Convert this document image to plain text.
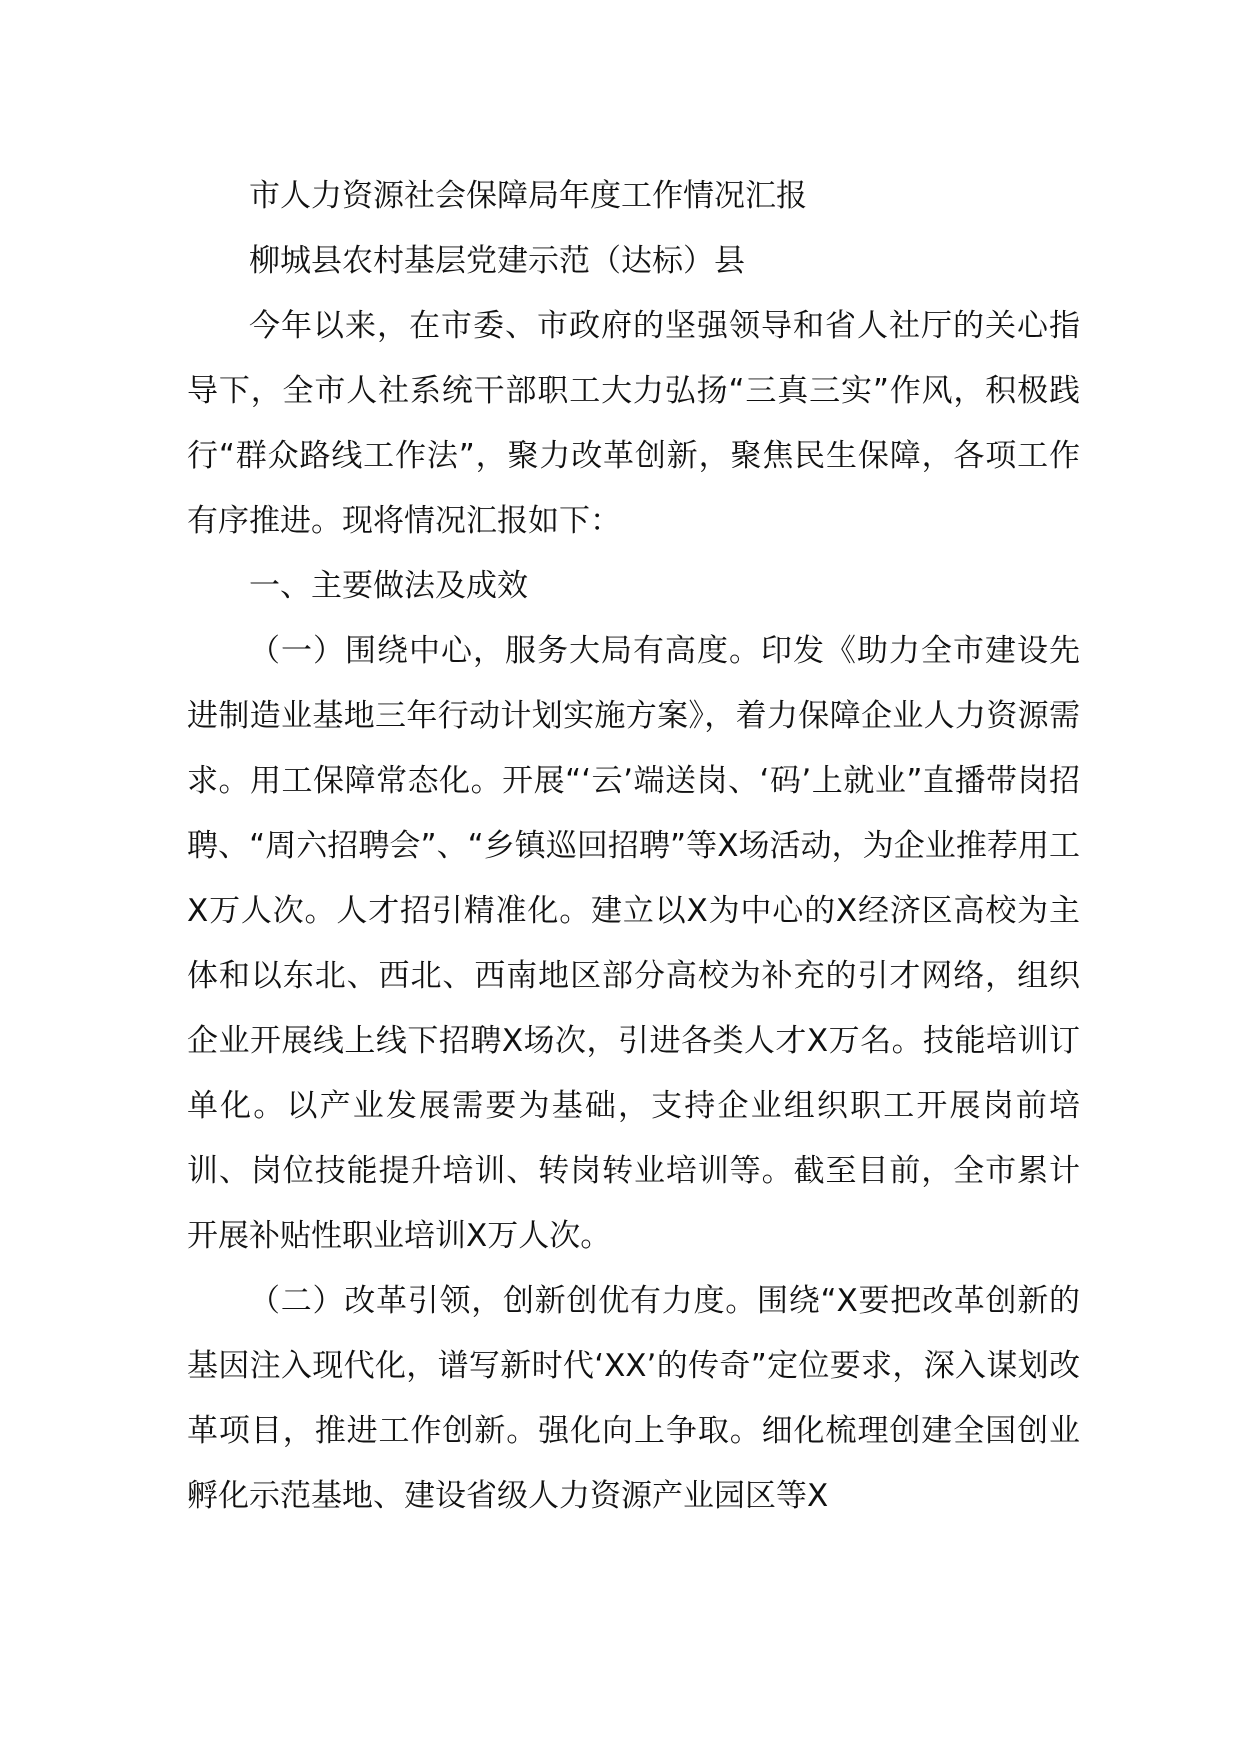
市人力资源社会保障局年度工作情况汇报

柳城县农村基层党建示范（达标）县

今年以来，在市委、市政府的坚强领导和省人社厅的关心指导下，全市人社系统干部职工大力弘扬“三真三实”作风，积极践行“群众路线工作法”，聚力改革创新，聚焦民生保障，各项工作有序推进。现将情况汇报如下：

一、主要做法及成效

（一）围绕中心，服务大局有高度。印发《助力全市建设先进制造业基地三年行动计划实施方案》，着力保障企业人力资源需求。用工保障常态化。开展“‘云’端送岗、‘码’上就业”直播带岗招聘、“周六招聘会”、“乡镇巡回招聘”等X场活动，为企业推荐用工X万人次。人才招引精准化。建立以X为中心的X经济区高校为主体和以东北、西北、西南地区部分高校为补充的引才网络，组织企业开展线上线下招聘X场次，引进各类人才X万名。技能培训订单化。以产业发展需要为基础，支持企业组织职工开展岗前培训、岗位技能提升培训、转岗转业培训等。截至目前，全市累计开展补贴性职业培训X万人次。

（二）改革引领，创新创优有力度。围绕“X要把改革创新的基因注入现代化，谱写新时代‘XX’的传奇”定位要求，深入谋划改革项目，推进工作创新。强化向上争取。细化梳理创建全国创业孵化示范基地、建设省级人力资源产业园区等X
